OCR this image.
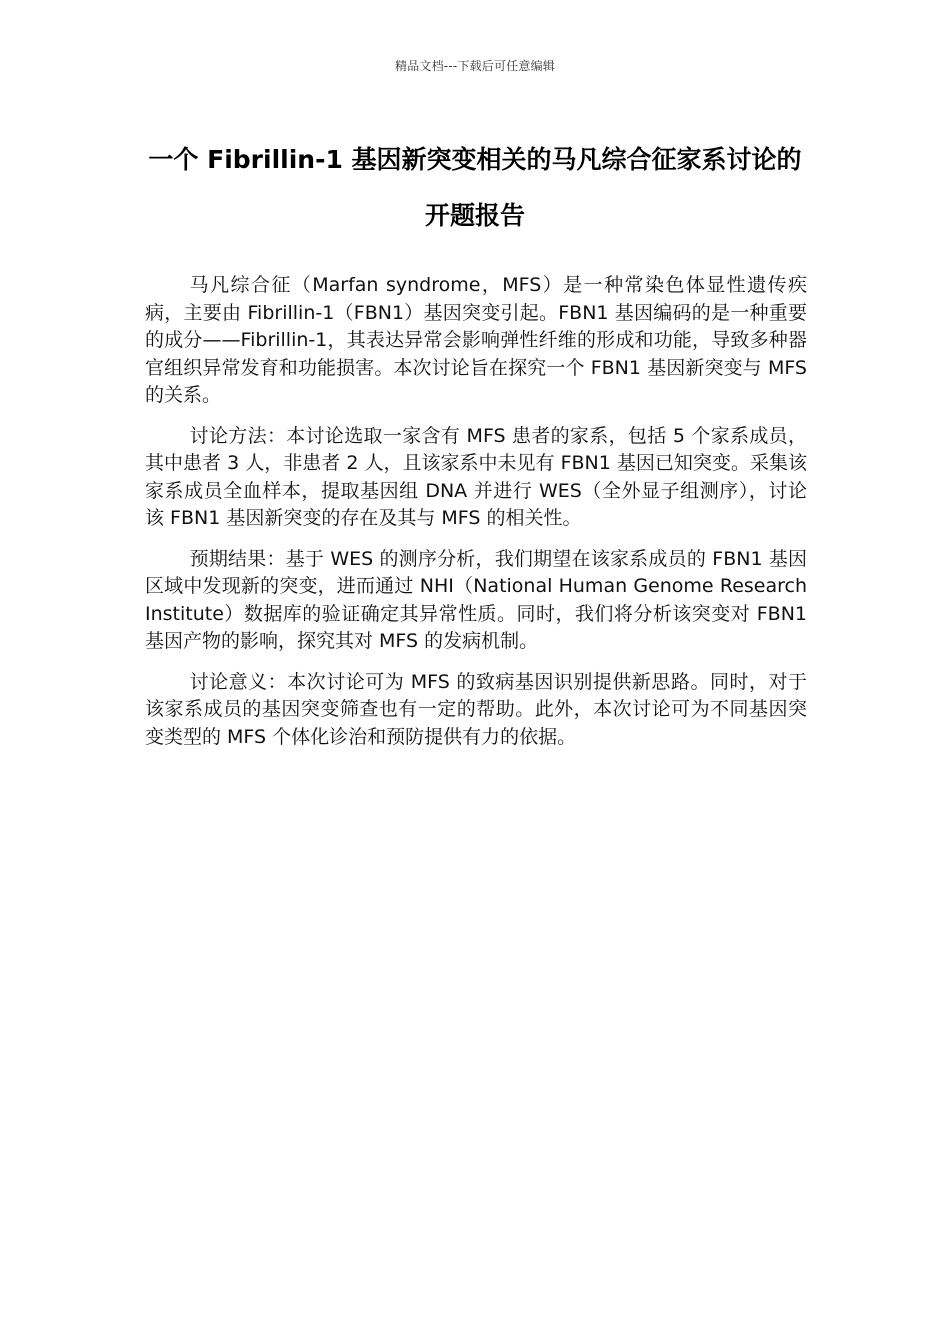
精品文档---下载后可任意编辑
一个 Fibrillin-1 基因新突变相关的马凡综合征家系讨论的开题报告

马凡综合征（Marfan syndrome，MFS）是一种常染色体显性遗传疾病，主要由 Fibrillin-1（FBN1）基因突变引起。FBN1 基因编码的是一种重要的成分——Fibrillin-1，其表达异常会影响弹性纤维的形成和功能，导致多种器官组织异常发育和功能损害。本次讨论旨在探究一个 FBN1 基因新突变与 MFS 的关系。

讨论方法：本讨论选取一家含有 MFS 患者的家系，包括 5 个家系成员，其中患者 3 人，非患者 2 人，且该家系中未见有 FBN1 基因已知突变。采集该家系成员全血样本，提取基因组 DNA 并进行 WES（全外显子组测序），讨论该 FBN1 基因新突变的存在及其与 MFS 的相关性。

预期结果：基于 WES 的测序分析，我们期望在该家系成员的 FBN1 基因区域中发现新的突变，进而通过 NHI（National Human Genome Research Institute）数据库的验证确定其异常性质。同时，我们将分析该突变对 FBN1 基因产物的影响，探究其对 MFS 的发病机制。

讨论意义：本次讨论可为 MFS 的致病基因识别提供新思路。同时，对于该家系成员的基因突变筛查也有一定的帮助。此外，本次讨论可为不同基因突变类型的 MFS 个体化诊治和预防提供有力的依据。
